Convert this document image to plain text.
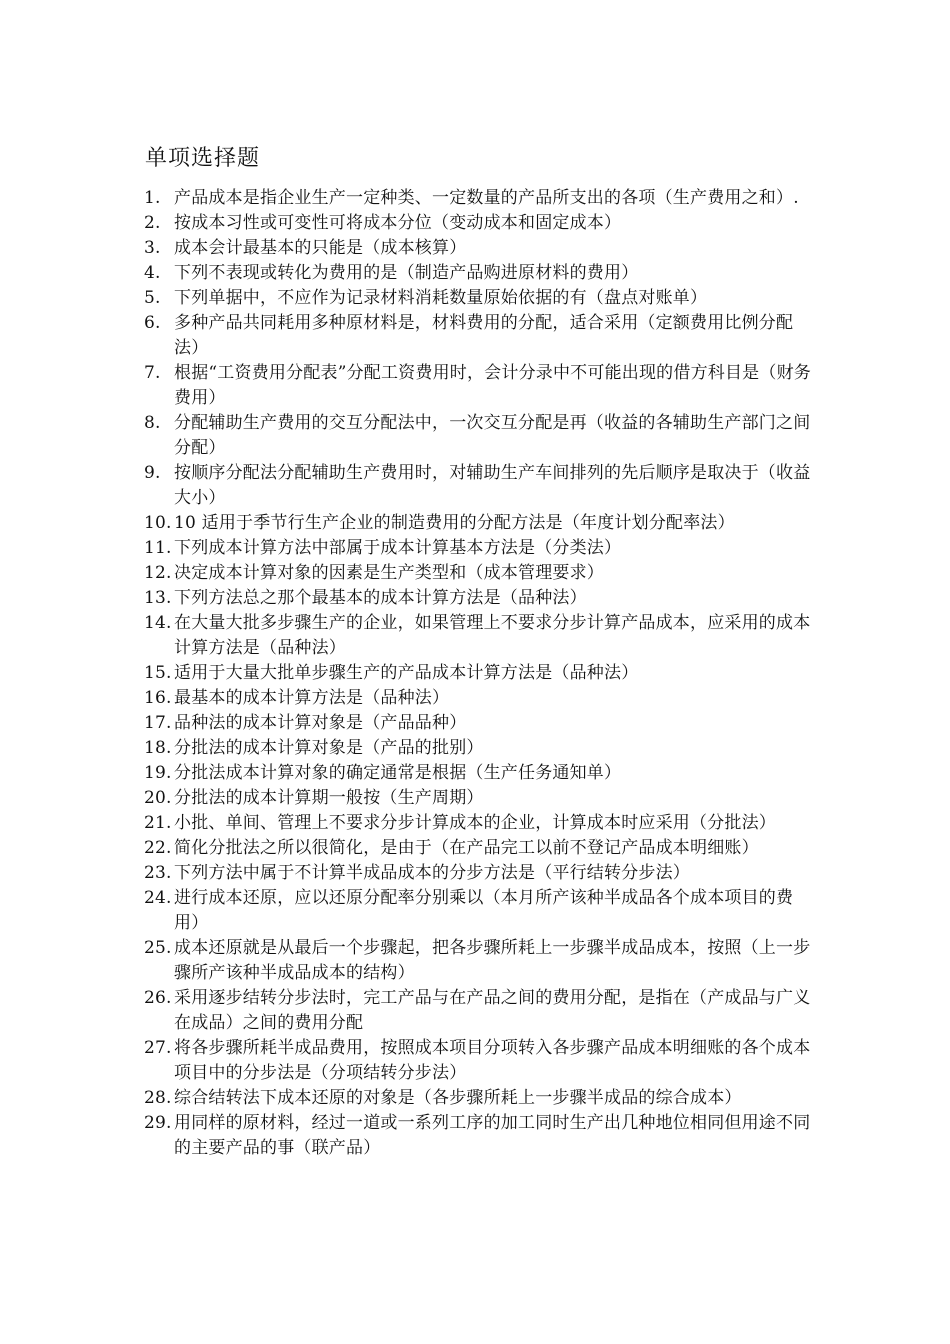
单项选择题
1. 产品成本是指企业生产一定种类、一定数量的产品所支出的各项（生产费用之和）.
2. 按成本习性或可变性可将成本分位（变动成本和固定成本）
3. 成本会计最基本的只能是（成本核算）
4. 下列不表现或转化为费用的是（制造产品购进原材料的费用）
5. 下列单据中，不应作为记录材料消耗数量原始依据的有（盘点对账单）
6. 多种产品共同耗用多种原材料是，材料费用的分配，适合采用（定额费用比例分配法）
7. 根据“工资费用分配表”分配工资费用时，会计分录中不可能出现的借方科目是（财务费用）
8. 分配辅助生产费用的交互分配法中，一次交互分配是再（收益的各辅助生产部门之间分配）
9. 按顺序分配法分配辅助生产费用时，对辅助生产车间排列的先后顺序是取决于（收益大小）
10. 10 适用于季节行生产企业的制造费用的分配方法是（年度计划分配率法）
11. 下列成本计算方法中部属于成本计算基本方法是（分类法）
12. 决定成本计算对象的因素是生产类型和（成本管理要求）
13. 下列方法总之那个最基本的成本计算方法是（品种法）
14. 在大量大批多步骤生产的企业，如果管理上不要求分步计算产品成本，应采用的成本计算方法是（品种法）
15. 适用于大量大批单步骤生产的产品成本计算方法是（品种法）
16. 最基本的成本计算方法是（品种法）
17. 品种法的成本计算对象是（产品品种）
18. 分批法的成本计算对象是（产品的批别）
19. 分批法成本计算对象的确定通常是根据（生产任务通知单）
20. 分批法的成本计算期一般按（生产周期）
21. 小批、单间、管理上不要求分步计算成本的企业，计算成本时应采用（分批法）
22. 简化分批法之所以很简化，是由于（在产品完工以前不登记产品成本明细账）
23. 下列方法中属于不计算半成品成本的分步方法是（平行结转分步法）
24. 进行成本还原，应以还原分配率分别乘以（本月所产该种半成品各个成本项目的费用）
25. 成本还原就是从最后一个步骤起，把各步骤所耗上一步骤半成品成本，按照（上一步骤所产该种半成品成本的结构）
26. 采用逐步结转分步法时，完工产品与在产品之间的费用分配，是指在（产成品与广义在成品）之间的费用分配
27. 将各步骤所耗半成品费用，按照成本项目分项转入各步骤产品成本明细账的各个成本项目中的分步法是（分项结转分步法）
28. 综合结转法下成本还原的对象是（各步骤所耗上一步骤半成品的综合成本）
29. 用同样的原材料，经过一道或一系列工序的加工同时生产出几种地位相同但用途不同的主要产品的事（联产品）
